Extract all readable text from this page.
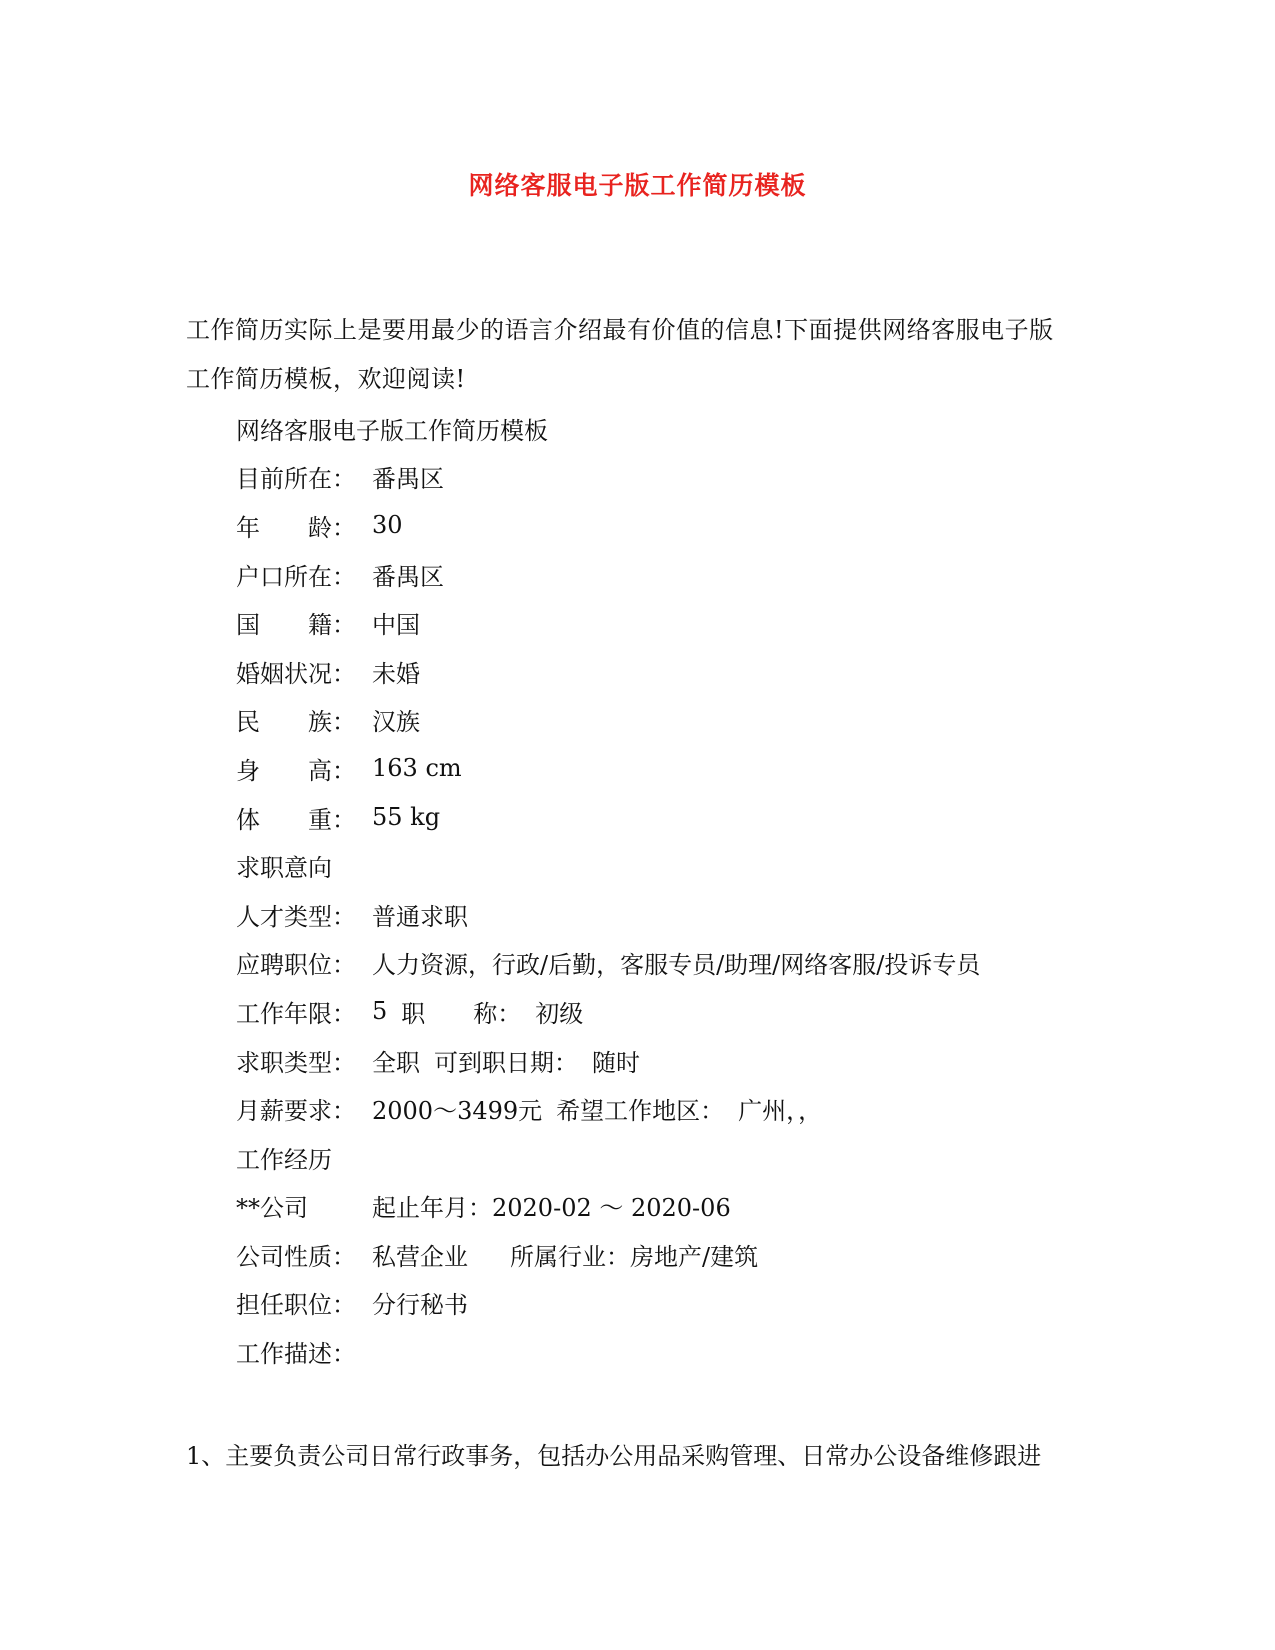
网络客服电子版工作简历模板

工作简历实际上是要用最少的语言介绍最有价值的信息!下面提供网络客服电子版

工作简历模板，欢迎阅读!

网络客服电子版工作简历模板
目前所在： 番禺区
年　　龄： 30
户口所在： 番禺区
国　　籍： 中国
婚姻状况： 未婚
民　　族： 汉族
身　　高： 163 cm
体　　重： 55 kg
求职意向
人才类型： 普通求职
应聘职位： 人力资源，行政/后勤，客服专员/助理/网络客服/投诉专员
工作年限： 5 职　　称： 初级
求职类型： 全职 可到职日期： 随时
月薪要求： 2000～3499元 希望工作地区： 广州，，
工作经历
**公司	起止年月： 2020-02 ～ 2020-06
公司性质： 私营企业 所属行业： 房地产/建筑
担任职位： 分行秘书
工作描述：
1、主要负责公司日常行政事务，包括办公用品采购管理、日常办公设备维修跟进
